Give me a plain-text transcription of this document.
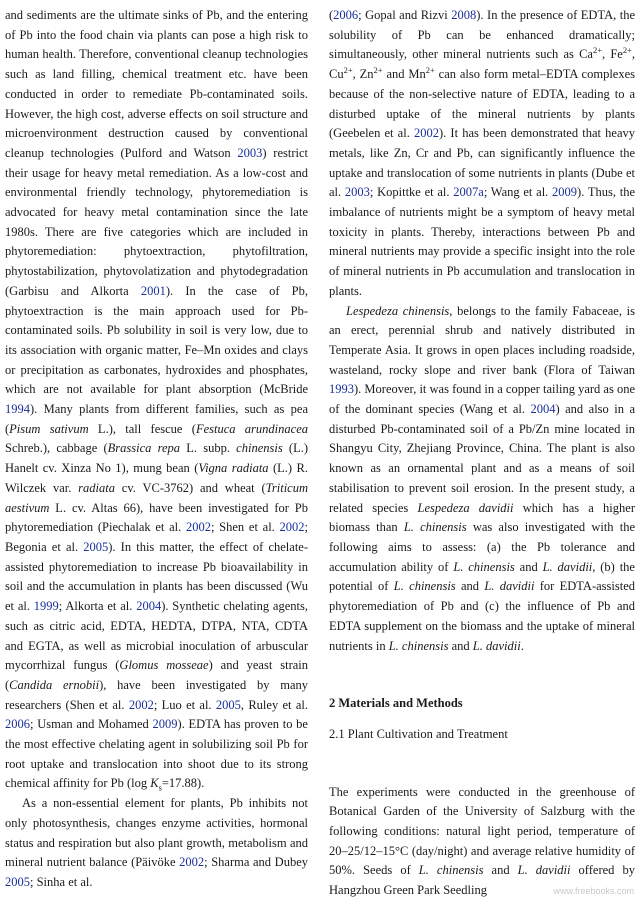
and sediments are the ultimate sinks of Pb, and the entering of Pb into the food chain via plants can pose a high risk to human health. Therefore, conventional cleanup technologies such as land filling, chemical treatment etc. have been conducted in order to remediate Pb-contaminated soils. However, the high cost, adverse effects on soil structure and microenvironment destruction caused by conventional cleanup technologies (Pulford and Watson 2003) restrict their usage for heavy metal remediation. As a low-cost and environmental friendly technology, phytoremediation is advocated for heavy metal contamination since the late 1980s. There are five categories which are included in phytoremediation: phytoextraction, phytofiltration, phytostabilization, phytovolatization and phytodegradation (Garbisu and Alkorta 2001). In the case of Pb, phytoextraction is the main approach used for Pb-contaminated soils. Pb solubility in soil is very low, due to its association with organic matter, Fe–Mn oxides and clays or precipitation as carbonates, hydroxides and phosphates, which are not available for plant absorption (McBride 1994). Many plants from different families, such as pea (Pisum sativum L.), tall fescue (Festuca arundinacea Schreb.), cabbage (Brassica repa L. subp. chinensis (L.) Hanelt cv. Xinza No 1), mung bean (Vigna radiata (L.) R. Wilczek var. radiata cv. VC-3762) and wheat (Triticum aestivum L. cv. Altas 66), have been investigated for Pb phytoremediation (Piechalak et al. 2002; Shen et al. 2002; Begonia et al. 2005). In this matter, the effect of chelate-assisted phytoremediation to increase Pb bioavailability in soil and the accumulation in plants has been discussed (Wu et al. 1999; Alkorta et al. 2004). Synthetic chelating agents, such as citric acid, EDTA, HEDTA, DTPA, NTA, CDTA and EGTA, as well as microbial inoculation of arbuscular mycorrhizal fungus (Glomus mosseae) and yeast strain (Candida ernobii), have been investigated by many researchers (Shen et al. 2002; Luo et al. 2005, Ruley et al. 2006; Usman and Mohamed 2009). EDTA has proven to be the most effective chelating agent in solubilizing soil Pb for root uptake and translocation into shoot due to its strong chemical affinity for Pb (log $K_s=17.88$).

As a non-essential element for plants, Pb inhibits not only photosynthesis, changes enzyme activities, hormonal status and respiration but also plant growth, metabolism and mineral nutrient balance (Päivöke 2002; Sharma and Dubey 2005; Sinha et al.

(2006; Gopal and Rizvi 2008). In the presence of EDTA, the solubility of Pb can be enhanced dramatically; simultaneously, other mineral nutrients such as $Ca^{2+}$, $Fe^{2+}$, $Cu^{2+}$, $Zn^{2+}$ and $Mn^{2+}$ can also form metal–EDTA complexes because of the non-selective nature of EDTA, leading to a disturbed uptake of the mineral nutrients by plants (Geebelen et al. 2002). It has been demonstrated that heavy metals, like Zn, Cr and Pb, can significantly influence the uptake and translocation of some nutrients in plants (Dube et al. 2003; Kopittke et al. 2007a; Wang et al. 2009). Thus, the imbalance of nutrients might be a symptom of heavy metal toxicity in plants. Thereby, interactions between Pb and mineral nutrients may provide a specific insight into the role of mineral nutrients in Pb accumulation and translocation in plants.

Lespedeza chinensis, belongs to the family Fabaceae, is an erect, perennial shrub and natively distributed in Temperate Asia. It grows in open places including roadside, wasteland, rocky slope and river bank (Flora of Taiwan 1993). Moreover, it was found in a copper tailing yard as one of the dominant species (Wang et al. 2004) and also in a disturbed Pb-contaminated soil of a Pb/Zn mine located in Shangyu City, Zhejiang Province, China. The plant is also known as an ornamental plant and as a means of soil stabilisation to prevent soil erosion. In the present study, a related species Lespedeza davidii which has a higher biomass than L. chinensis was also investigated with the following aims to assess: (a) the Pb tolerance and accumulation ability of L. chinensis and L. davidii, (b) the potential of L. chinensis and L. davidii for EDTA-assisted phytoremediation of Pb and (c) the influence of Pb and EDTA supplement on the biomass and the uptake of mineral nutrients in L. chinensis and L. davidii.

2 Materials and Methods

2.1 Plant Cultivation and Treatment

The experiments were conducted in the greenhouse of Botanical Garden of the University of Salzburg with the following conditions: natural light period, temperature of 20–25/12–15°C (day/night) and average relative humidity of 50%. Seeds of L. chinensis and L. davidii offered by Hangzhou Green Park Seedling	www.freebooks.com
